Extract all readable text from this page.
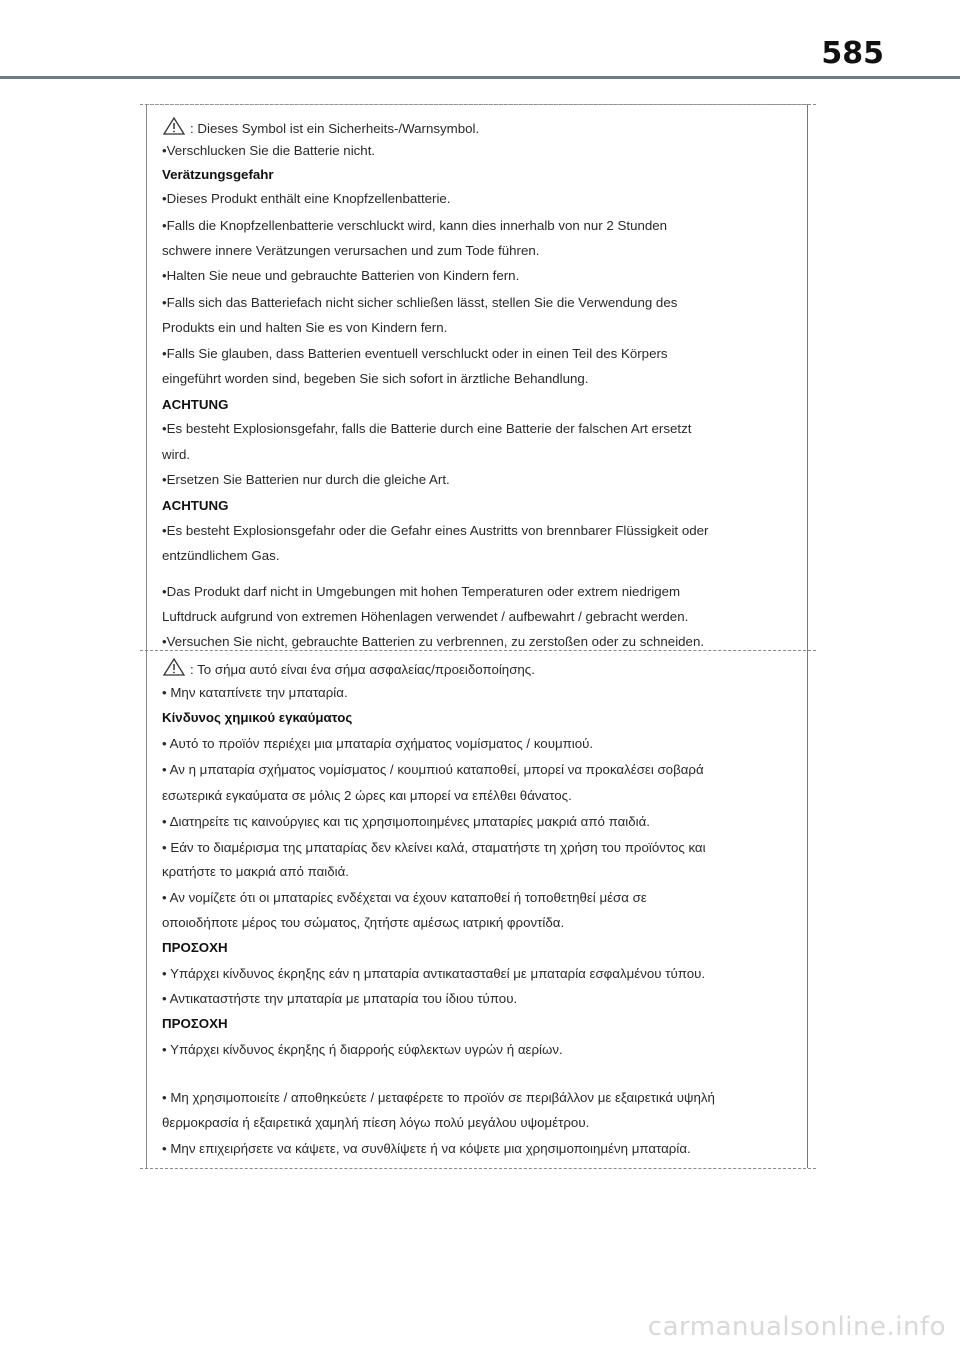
585
: Dieses Symbol ist ein Sicherheits-/Warnsymbol.
•Verschlucken Sie die Batterie nicht.
Verätzungsgefahr
•Dieses Produkt enthält eine Knopfzellenbatterie.
•Falls die Knopfzellenbatterie verschluckt wird, kann dies innerhalb von nur 2 Stunden
schwere innere Verätzungen verursachen und zum Tode führen.
•Halten Sie neue und gebrauchte Batterien von Kindern fern.
•Falls sich das Batteriefach nicht sicher schließen lässt, stellen Sie die Verwendung des
Produkts ein und halten Sie es von Kindern fern.
•Falls Sie glauben, dass Batterien eventuell verschluckt oder in einen Teil des Körpers
eingeführt worden sind, begeben Sie sich sofort in ärztliche Behandlung.
ACHTUNG
•Es besteht Explosionsgefahr, falls die Batterie durch eine Batterie der falschen Art ersetzt
wird.
•Ersetzen Sie Batterien nur durch die gleiche Art.
ACHTUNG
•Es besteht Explosionsgefahr oder die Gefahr eines Austritts von brennbarer Flüssigkeit oder
entzündlichem Gas.
•Das Produkt darf nicht in Umgebungen mit hohen Temperaturen oder extrem niedrigem
Luftdruck aufgrund von extremen Höhenlagen verwendet / aufbewahrt / gebracht werden.
•Versuchen Sie nicht, gebrauchte Batterien zu verbrennen, zu zerstoßen oder zu schneiden.
: Το σήμα αυτό είναι ένα σήμα ασφαλείας/προειδοποίησης.
• Μην καταπίνετε την μπαταρία.
Κίνδυνος χημικού εγκαύματος
• Αυτό το προϊόν περιέχει μια μπαταρία σχήματος νομίσματος / κουμπιού.
• Αν η μπαταρία σχήματος νομίσματος / κουμπιού καταποθεί, μπορεί να προκαλέσει σοβαρά
εσωτερικά εγκαύματα σε μόλις 2 ώρες και μπορεί να επέλθει θάνατος.
• Διατηρείτε τις καινούργιες και τις χρησιμοποιημένες μπαταρίες μακριά από παιδιά.
• Εάν το διαμέρισμα της μπαταρίας δεν κλείνει καλά, σταματήστε τη χρήση του προϊόντος και
κρατήστε το μακριά από παιδιά.
• Αν νομίζετε ότι οι μπαταρίες ενδέχεται να έχουν καταποθεί ή τοποθετηθεί μέσα σε
οποιοδήποτε μέρος του σώματος, ζητήστε αμέσως ιατρική φροντίδα.
ΠΡΟΣΟΧΗ
• Υπάρχει κίνδυνος έκρηξης εάν η μπαταρία αντικατασταθεί με μπαταρία εσφαλμένου τύπου.
• Αντικαταστήστε την μπαταρία με μπαταρία του ίδιου τύπου.
ΠΡΟΣΟΧΗ
• Υπάρχει κίνδυνος έκρηξης ή διαρροής εύφλεκτων υγρών ή αερίων.
• Μη χρησιμοποιείτε / αποθηκεύετε / μεταφέρετε το προϊόν σε περιβάλλον με εξαιρετικά υψηλή
θερμοκρασία ή εξαιρετικά χαμηλή πίεση λόγω πολύ μεγάλου υψομέτρου.
• Μην επιχειρήσετε να κάψετε, να συνθλίψετε ή να κόψετε μια χρησιμοποιημένη μπαταρία.
carmanualsonline.info
